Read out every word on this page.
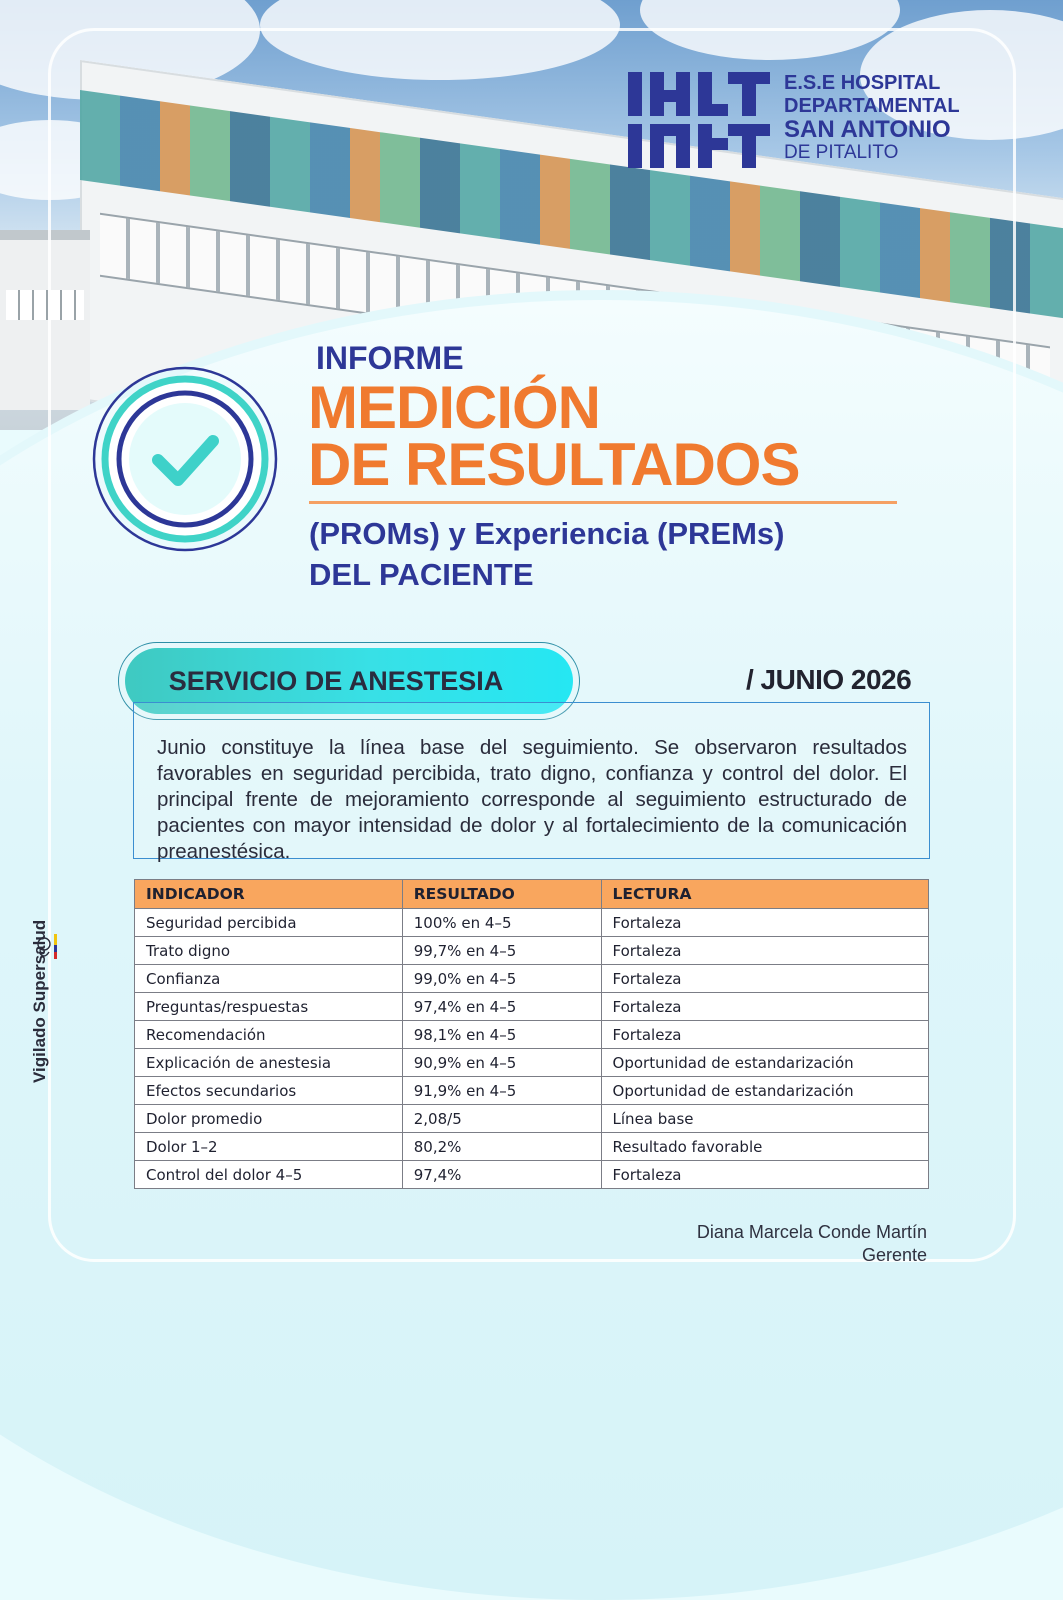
E.S.E HOSPITAL
DEPARTAMENTAL
SAN ANTONIO
DE PITALITO
INFORME
MEDICIÓN
DE RESULTADOS
(PROMs) y Experiencia (PREMs)
DEL PACIENTE
SERVICIO DE ANESTESIA	/ JUNIO 2026

Junio constituye la línea base del seguimiento. Se observaron resultados favorables en seguridad percibida, trato digno, confianza y control del dolor. El principal frente de mejoramiento corresponde al seguimiento estructurado de pacientes con mayor intensidad de dolor y al fortalecimiento de la comunicación preanestésica.

INDICADOR	RESULTADO	LECTURA
Seguridad percibida	100% en 4–5	Fortaleza
Trato digno	99,7% en 4–5	Fortaleza
Confianza	99,0% en 4–5	Fortaleza
Preguntas/respuestas	97,4% en 4–5	Fortaleza
Recomendación	98,1% en 4–5	Fortaleza
Explicación de anestesia	90,9% en 4–5	Oportunidad de estandarización
Efectos secundarios	91,9% en 4–5	Oportunidad de estandarización
Dolor promedio	2,08/5	Línea base
Dolor 1–2	80,2%	Resultado favorable
Control del dolor 4–5	97,4%	Fortaleza
Vigilado Supersalud
Diana Marcela Conde Martín
Gerente
